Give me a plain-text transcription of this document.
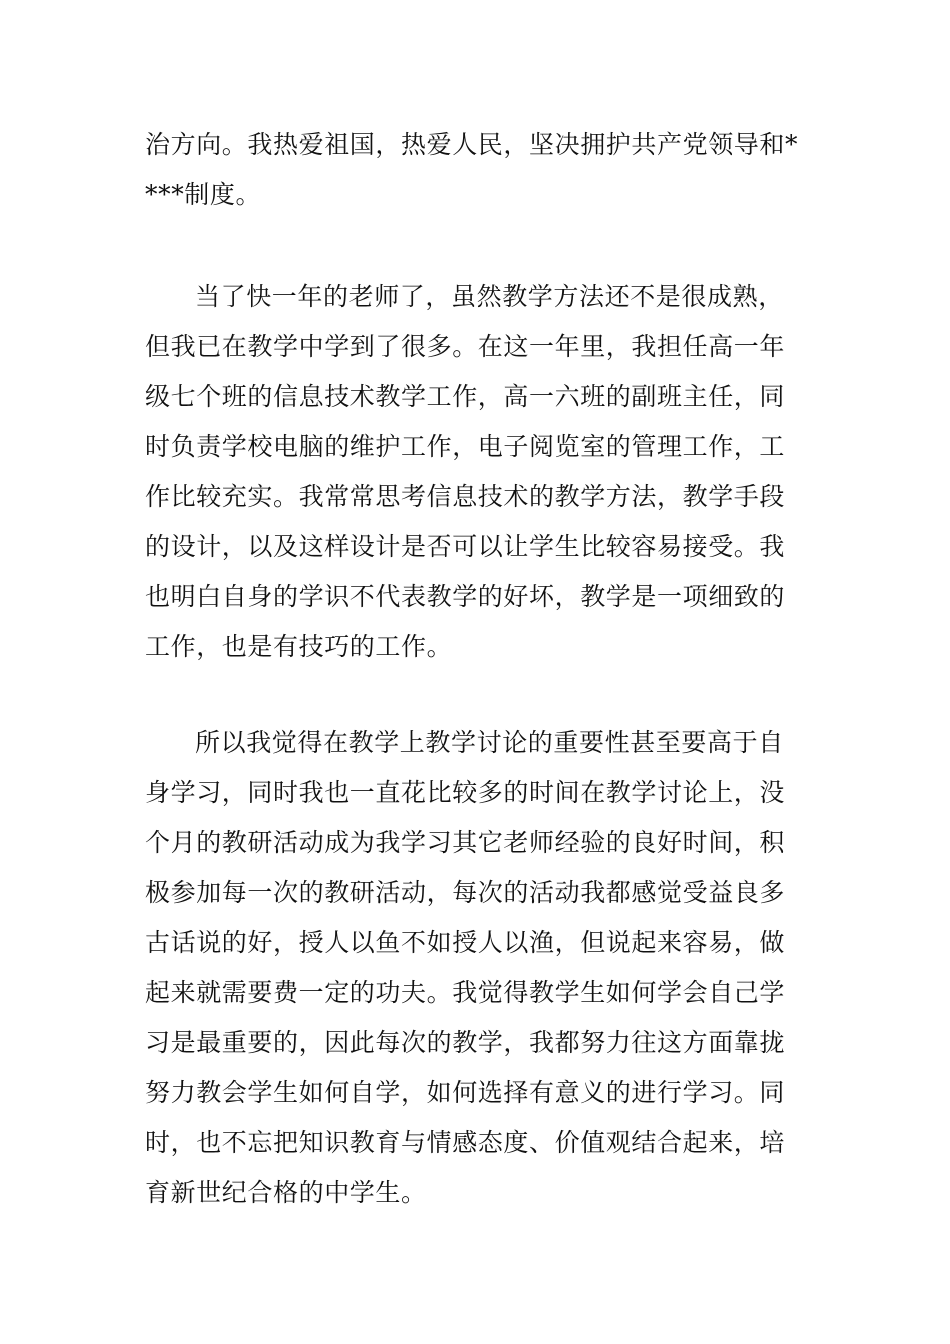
治方向。我热爱祖国，热爱人民，坚决拥护共产党领导和*
***制度。
当了快一年的老师了，虽然教学方法还不是很成熟，
但我已在教学中学到了很多。在这一年里，我担任高一年
级七个班的信息技术教学工作，高一六班的副班主任，同
时负责学校电脑的维护工作，电子阅览室的管理工作，工
作比较充实。我常常思考信息技术的教学方法，教学手段
的设计，以及这样设计是否可以让学生比较容易接受。我
也明白自身的学识不代表教学的好坏，教学是一项细致的
工作，也是有技巧的工作。
所以我觉得在教学上教学讨论的重要性甚至要高于自
身学习，同时我也一直花比较多的时间在教学讨论上，没
个月的教研活动成为我学习其它老师经验的良好时间，积
极参加每一次的教研活动，每次的活动我都感觉受益良多
古话说的好，授人以鱼不如授人以渔，但说起来容易，做
起来就需要费一定的功夫。我觉得教学生如何学会自己学
习是最重要的，因此每次的教学，我都努力往这方面靠拢
努力教会学生如何自学，如何选择有意义的进行学习。同
时，也不忘把知识教育与情感态度、价值观结合起来，培
育新世纪合格的中学生。
